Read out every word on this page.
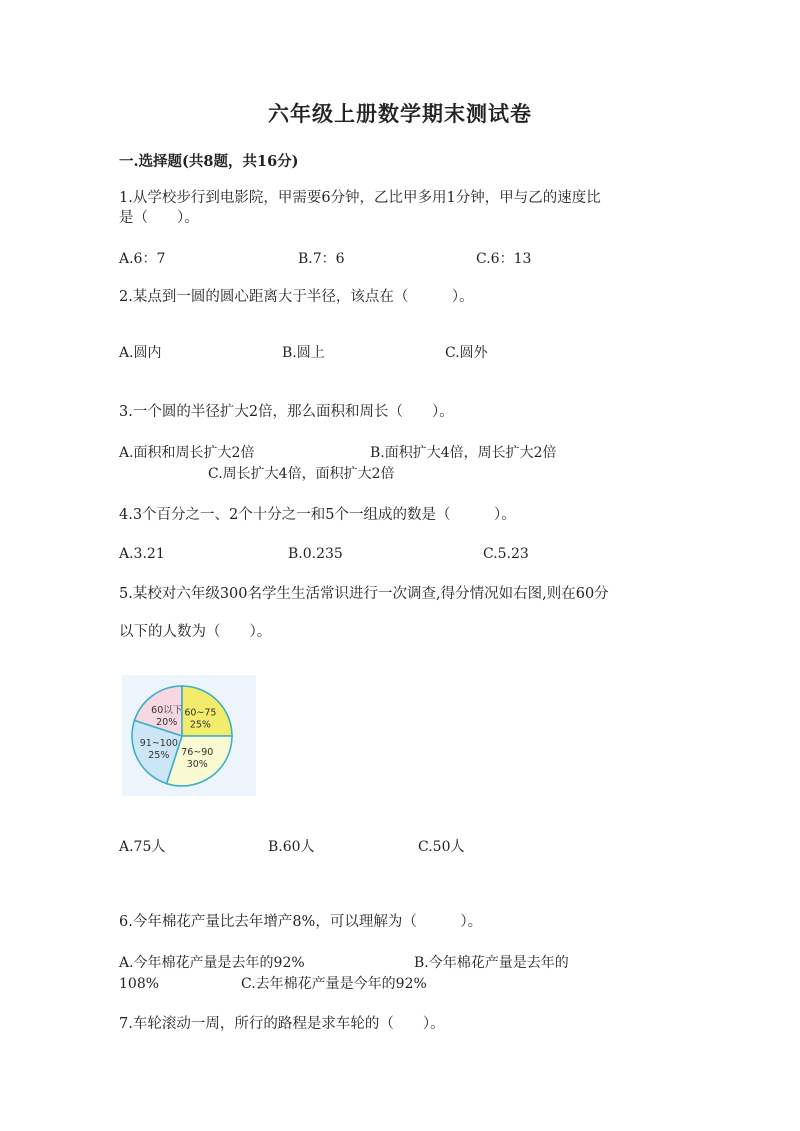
六年级上册数学期末测试卷
一.选择题(共8题，共16分)
1.从学校步行到电影院，甲需要6分钟，乙比甲多用1分钟，甲与乙的速度比
是（　　）。
A.6：7	B.7：6	C.6：13
2.某点到一圆的圆心距离大于半径，该点在（　　　）。
A.圆内	B.圆上	C.圆外
3.一个圆的半径扩大2倍，那么面积和周长（　　）。
A.面积和周长扩大2倍	B.面积扩大4倍，周长扩大2倍
C.周长扩大4倍，面积扩大2倍
4.3个百分之一、2个十分之一和5个一组成的数是（　　　）。
A.3.21	B.0.235	C.5.23
5.某校对六年级300名学生生活常识进行一次调查,得分情况如右图,则在60分
以下的人数为（　　）。
60以下
20%
60~75
25%
76~90
30%
91~100
25%
A.75人	B.60人	C.50人
6.今年棉花产量比去年增产8%，可以理解为（　　　）。
A.今年棉花产量是去年的92%	B.今年棉花产量是去年的
108%	C.去年棉花产量是今年的92%
7.车轮滚动一周，所行的路程是求车轮的（　　）。
